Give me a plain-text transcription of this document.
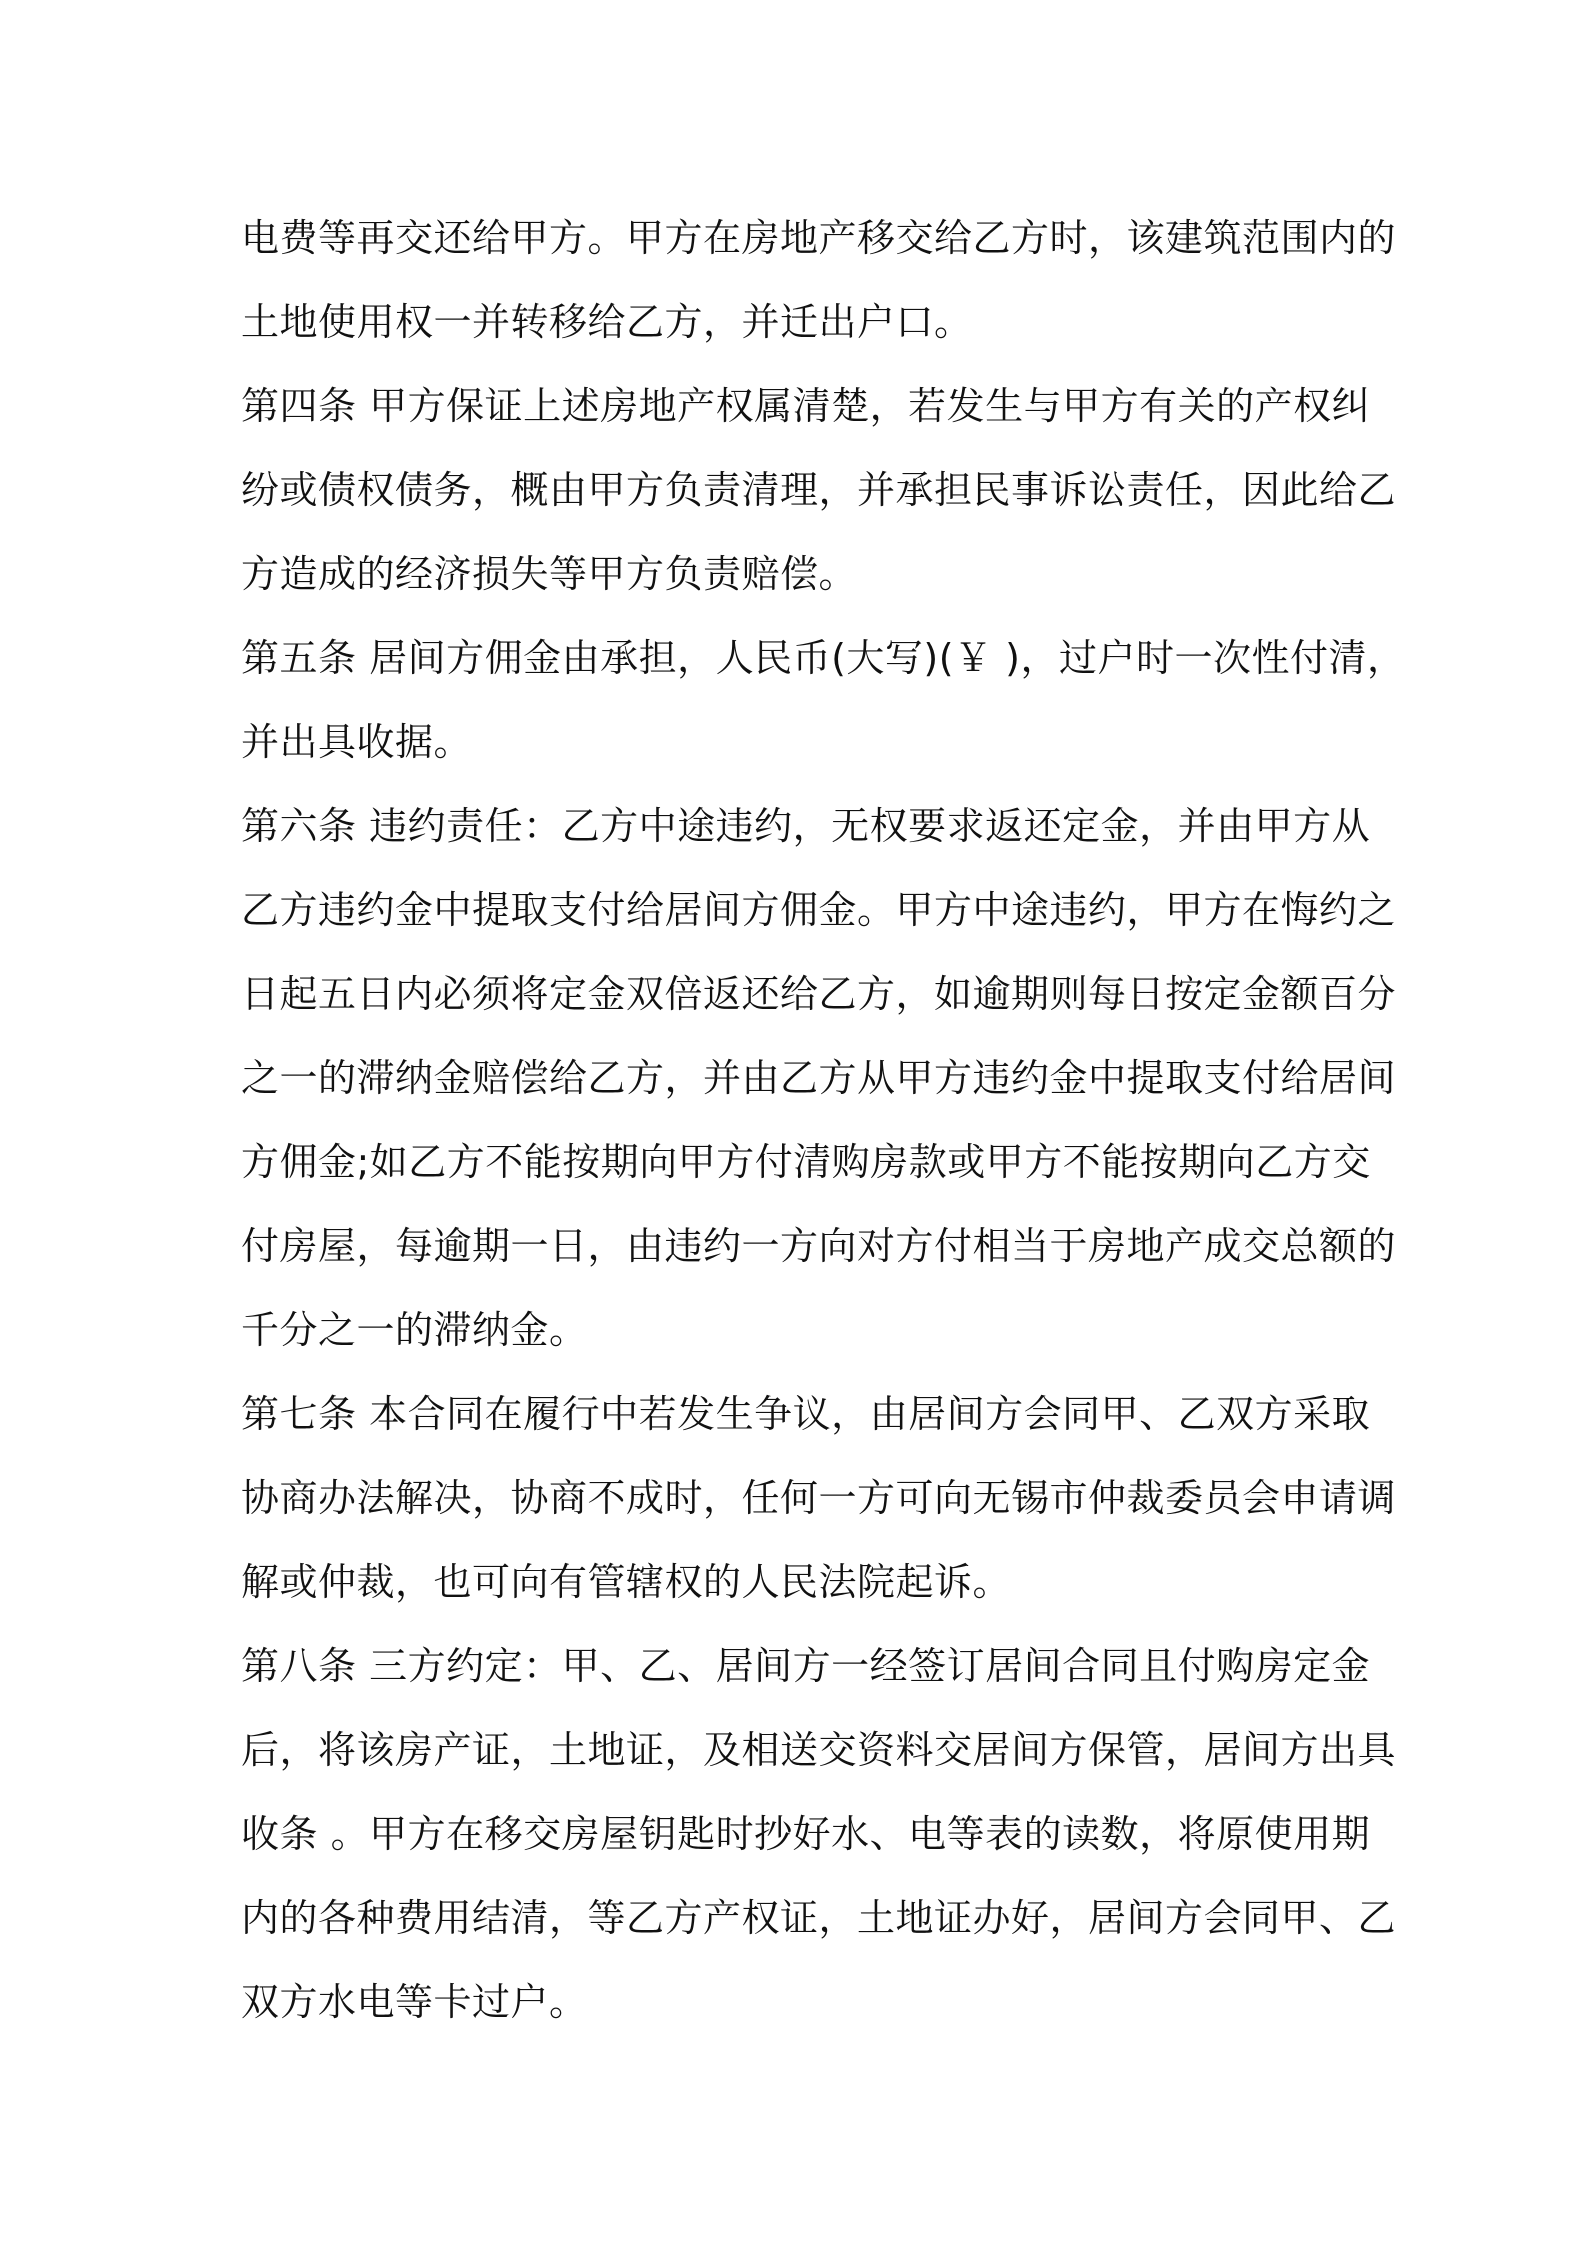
电费等再交还给甲方。甲方在房地产移交给乙方时，该建筑范围内的
土地使用权一并转移给乙方，并迁出户口。
第四条 甲方保证上述房地产权属清楚，若发生与甲方有关的产权纠
纷或债权债务，概由甲方负责清理，并承担民事诉讼责任，因此给乙
方造成的经济损失等甲方负责赔偿。
第五条 居间方佣金由承担，人民币(大写)(￥ )，过户时一次性付清，
并出具收据。
第六条 违约责任：乙方中途违约，无权要求返还定金，并由甲方从
乙方违约金中提取支付给居间方佣金。甲方中途违约，甲方在悔约之
日起五日内必须将定金双倍返还给乙方，如逾期则每日按定金额百分
之一的滞纳金赔偿给乙方，并由乙方从甲方违约金中提取支付给居间
方佣金;如乙方不能按期向甲方付清购房款或甲方不能按期向乙方交
付房屋，每逾期一日，由违约一方向对方付相当于房地产成交总额的
千分之一的滞纳金。
第七条 本合同在履行中若发生争议，由居间方会同甲、乙双方采取
协商办法解决，协商不成时，任何一方可向无锡市仲裁委员会申请调
解或仲裁，也可向有管辖权的人民法院起诉。
第八条 三方约定：甲、乙、居间方一经签订居间合同且付购房定金
后，将该房产证，土地证，及相送交资料交居间方保管，居间方出具
收条 。甲方在移交房屋钥匙时抄好水、电等表的读数，将原使用期
内的各种费用结清，等乙方产权证，土地证办好，居间方会同甲、乙
双方水电等卡过户。
